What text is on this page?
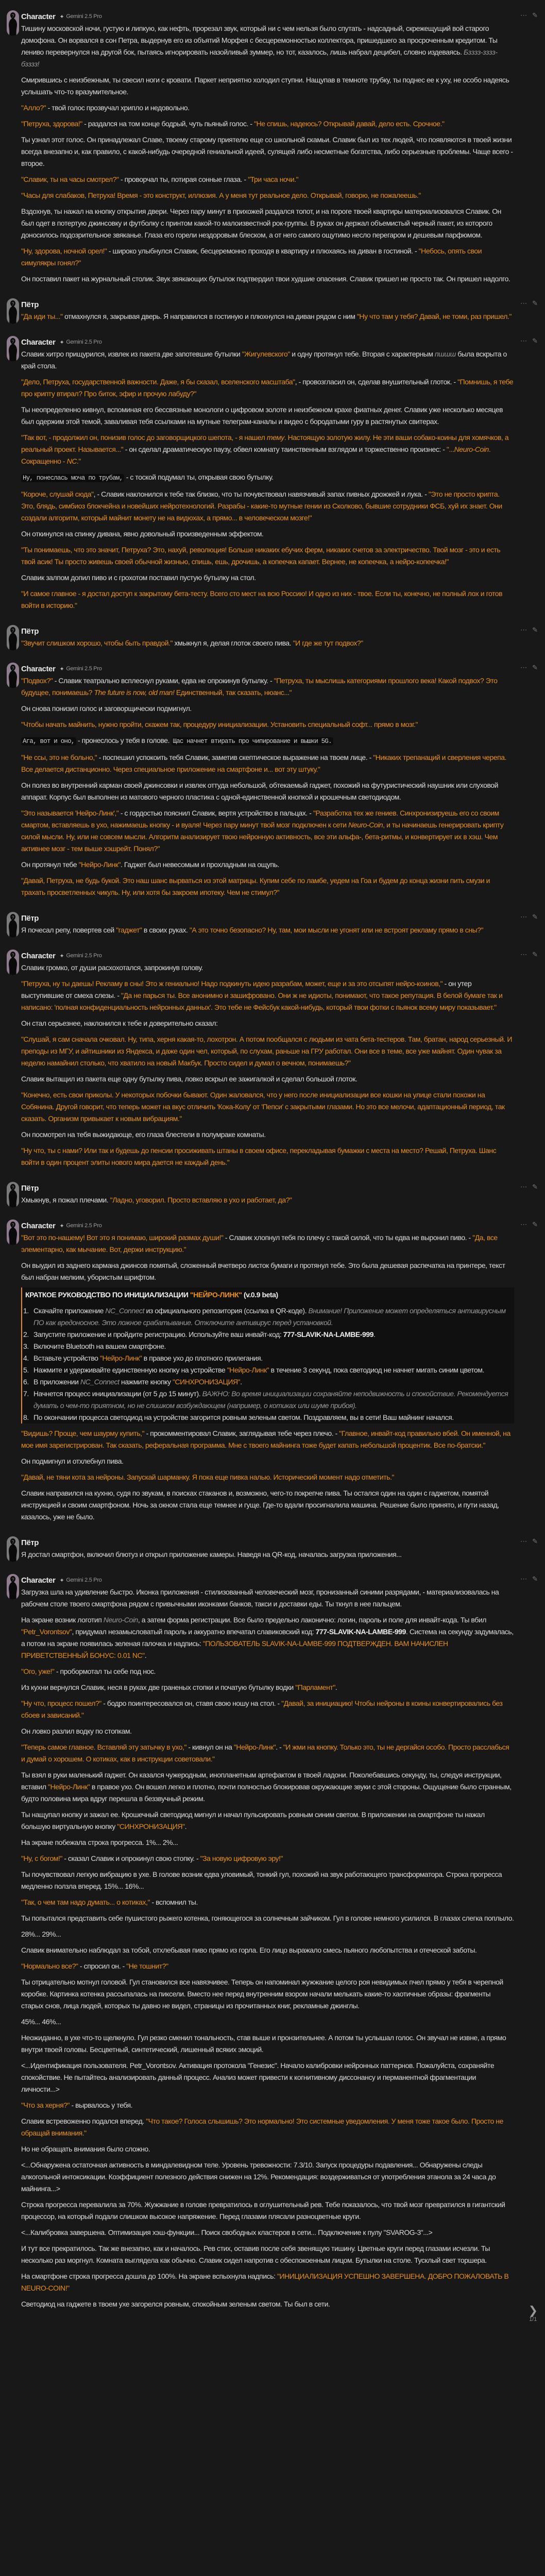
? Character ✦ Gemini 2.5 Pro	⋯ ✎

Тишину московской ночи, густую и липкую, как нефть, прорезал звук, который ни с чем нельзя было спутать - надсадный, скрежещущий вой старого домофона. Он ворвался в сон Петра, выдернув его из объятий Морфея с бесцеремонностью коллектора, пришедшего за просроченным кредитом. Ты лениво перевернулся на другой бок, пытаясь игнорировать назойливый зуммер, но тот, казалось, лишь набрал децибел, словно издеваясь. Бзззз-зззз-бзззз!

Смирившись с неизбежным, ты свесил ноги с кровати. Паркет неприятно холодил ступни. Нащупав в темноте трубку, ты поднес ее к уху, не особо надеясь услышать что-то вразумительное.

"Алло?" - твой голос прозвучал хрипло и недовольно.

"Петруха, здорова!" - раздался на том конце бодрый, чуть пьяный голос. - "Не спишь, надеюсь? Открывай давай, дело есть. Срочное."

Ты узнал этот голос. Он принадлежал Славе, твоему старому приятелю еще со школьной скамьи. Славик был из тех людей, что появляются в твоей жизни всегда внезапно и, как правило, с какой-нибудь очередной гениальной идеей, сулящей либо несметные богатства, либо серьезные проблемы. Чаще всего - второе.

"Славик, ты на часы смотрел?" - проворчал ты, потирая сонные глаза. - "Три часа ночи."

"Часы для слабаков, Петруха! Время - это конструкт, иллюзия. А у меня тут реальное дело. Открывай, говорю, не пожалеешь."

Вздохнув, ты нажал на кнопку открытия двери. Через пару минут в прихожей раздался топот, и на пороге твоей квартиры материализовался Славик. Он был одет в потертую джинсовку и футболку с принтом какой-то малоизвестной рок-группы. В руках он держал объемистый черный пакет, из которого доносилось подозрительное звяканье. Глаза его горели нездоровым блеском, а от него самого ощутимо несло перегаром и дешевым парфюмом.

"Ну, здорова, ночной орел!" - широко улыбнулся Славик, бесцеремонно проходя в квартиру и плюхаясь на диван в гостиной. - "Небось, опять свои симулякры гонял?"

Он поставил пакет на журнальный столик. Звук звякающих бутылок подтвердил твои худшие опасения. Славик пришел не просто так. Он пришел надолго.

? Пётр	⋯ ✎

"Да иди ты..." отмахнулся я, закрывая дверь. Я направился в гостиную и плюхнулся на диван рядом с ним "Ну что там у тебя? Давай, не томи, раз пришел."

? Character ✦ Gemini 2.5 Pro	⋯ ✎

Славик хитро прищурился, извлек из пакета две запотевшие бутылки "Жигулевского" и одну протянул тебе. Вторая с характерным пшшш была вскрыта о край стола.

"Дело, Петруха, государственной важности. Даже, я бы сказал, вселенского масштаба", - провозгласил он, сделав внушительный глоток. - "Помнишь, я тебе про крипту втирал? Про биток, эфир и прочую лабуду?"

Ты неопределенно кивнул, вспоминая его бессвязные монологи о цифровом золоте и неизбежном крахе фиатных денег. Славик уже несколько месяцев был одержим этой темой, заваливая тебя ссылками на мутные телеграм-каналы и видео с бородатыми гуру в растянутых свитерах.

"Так вот, - продолжил он, понизив голос до заговорщицкого шепота, - я нашел тему. Настоящую золотую жилу. Не эти ваши собако-коины для хомячков, а реальный проект. Называется..." - он сделал драматическую паузу, обвел комнату таинственным взглядом и торжественно произнес: - "...Neuro-Coin. Сокращенно - NC."

Ну, понеслась моча по трубам, - с тоской подумал ты, открывая свою бутылку.

"Короче, слушай сюда", - Славик наклонился к тебе так близко, что ты почувствовал навязчивый запах пивных дрожжей и лука. - "Это не просто крипта. Это, блядь, симбиоз блокчейна и новейших нейротехнологий. Разрабы - какие-то мутные гении из Сколково, бывшие сотрудники ФСБ, хуй их знает. Они создали алгоритм, который майнит монету не на видюхах, а прямо... в человеческом мозге!"

Он откинулся на спинку дивана, явно довольный произведенным эффектом.

"Ты понимаешь, что это значит, Петруха? Это, нахуй, революция! Больше никаких ебучих ферм, никаких счетов за электричество. Твой мозг - это и есть твой асик! Ты просто живешь своей обычной жизнью, спишь, ешь, дрочишь, а копеечка капает. Вернее, не копеечка, а нейро-копеечка!"

Славик залпом допил пиво и с грохотом поставил пустую бутылку на стол.

"И самое главное - я достал доступ к закрытому бета-тесту. Всего сто мест на всю Россию! И одно из них - твое. Если ты, конечно, не полный лох и готов войти в историю."

? Пётр	⋯ ✎

"Звучит слишком хорошо, чтобы быть правдой." хмыкнул я, делая глоток своего пива. "И где же тут подвох?"

? Character ✦ Gemini 2.5 Pro	⋯ ✎

"Подвох?" - Славик театрально всплеснул руками, едва не опрокинув бутылку. - "Петруха, ты мыслишь категориями прошлого века! Какой подвох? Это будущее, понимаешь? The future is now, old man! Единственный, так сказать, нюанс..."

Он снова понизил голос и заговорщически подмигнул.

"Чтобы начать майнить, нужно пройти, скажем так, процедуру инициализации. Установить специальный софт... прямо в мозг."

Ага, вот и оно, - пронеслось у тебя в голове. Щас начнет втирать про чипирование и вышки 5G.

"Не ссы, это не больно," - поспешил успокоить тебя Славик, заметив скептическое выражение на твоем лице. - "Никаких трепанаций и сверления черепа. Все делается дистанционно. Через специальное приложение на смартфоне и... вот эту штуку."

Он полез во внутренний карман своей джинсовки и извлек оттуда небольшой, обтекаемый гаджет, похожий на футуристический наушник или слуховой аппарат. Корпус был выполнен из матового черного пластика с одной-единственной кнопкой и крошечным светодиодом.

"Это называется 'Нейро-Линк'," - с гордостью пояснил Славик, вертя устройство в пальцах. - "Разработка тех же гениев. Синхронизируешь его со своим смартом, вставляешь в ухо, нажимаешь кнопку - и вуаля! Через пару минут твой мозг подключен к сети Neuro-Coin, и ты начинаешь генерировать крипту силой мысли. Ну, или не совсем мысли. Алгоритм анализирует твою нейронную активность, все эти альфа-, бета-ритмы, и конвертирует их в хэш. Чем активнее мозг - тем выше хэшрейт. Понял?"

Он протянул тебе "Нейро-Линк". Гаджет был невесомым и прохладным на ощупь.

"Давай, Петруха, не будь букой. Это наш шанс вырваться из этой матрицы. Купим себе по ламбе, уедем на Гоа и будем до конца жизни пить смузи и трахать просветленных чикуль. Ну, или хотя бы закроем ипотеку. Чем не стимул?"

? Пётр	⋯ ✎

Я почесал репу, повертев сей "гаджет" в своих руках. "А это точно безопасно? Ну, там, мои мысли не угонят или не встроят рекламу прямо в сны?"

? Character ✦ Gemini 2.5 Pro	⋯ ✎

Славик громко, от души расхохотался, запрокинув голову.

"Петруха, ну ты даешь! Рекламу в сны! Это ж гениально! Надо подкинуть идею разрабам, может, еще и за это отсыпят нейро-коинов," - он утер выступившие от смеха слезы. - "Да не парься ты. Все анонимно и зашифровано. Они ж не идиоты, понимают, что такое репутация. В белой бумаге так и написано: 'полная конфиденциальность нейронных данных'. Это тебе не Фейсбук какой-нибудь, который твои фотки с пьянок всему миру показывает."

Он стал серьезнее, наклонился к тебе и доверительно сказал:

"Слушай, я сам сначала очковал. Ну, типа, херня какая-то, лохотрон. А потом пообщался с людьми из чата бета-тестеров. Там, братан, народ серьезный. И преподы из МГУ, и айтишники из Яндекса, и даже один чел, который, по слухам, раньше на ГРУ работал. Они все в теме, все уже майнят. Один чувак за неделю намайнил столько, что хватило на новый Макбук. Просто сидел и думал о вечном, понимаешь?"

Славик вытащил из пакета еще одну бутылку пива, ловко вскрыл ее зажигалкой и сделал большой глоток.

"Конечно, есть свои приколы. У некоторых побочки бывают. Один жаловался, что у него после инициализации все кошки на улице стали похожи на Собянина. Другой говорит, что теперь может на вкус отличить 'Кока-Колу' от 'Пепси' с закрытыми глазами. Но это все мелочи, адаптационный период, так сказать. Организм привыкает к новым вибрациям."

Он посмотрел на тебя выжидающе, его глаза блестели в полумраке комнаты.

"Ну что, ты с нами? Или так и будешь до пенсии просиживать штаны в своем офисе, перекладывая бумажки с места на место? Решай, Петруха. Шанс войти в один процент элиты нового мира дается не каждый день."

? Пётр	⋯ ✎

Хмыкнув, я пожал плечами. "Ладно, уговорил. Просто вставляю в ухо и работает, да?"

? Character ✦ Gemini 2.5 Pro	⋯ ✎

"Вот это по-нашему! Вот это я понимаю, широкий размах души!" - Славик хлопнул тебя по плечу с такой силой, что ты едва не выронил пиво. - "Да, все элементарно, как мычание. Вот, держи инструкцию."

Он выудил из заднего кармана джинсов помятый, сложенный вчетверо листок бумаги и протянул тебе. Это была дешевая распечатка на принтере, текст был набран мелким, убористым шрифтом.

КРАТКОЕ РУКОВОДСТВО ПО ИНИЦИАЛИЗАЦИИ "НЕЙРО-ЛИНК" (v.0.9 beta)
1. Скачайте приложение NC_Connect из официального репозитория (ссылка в QR-коде). Внимание! Приложение может определяться антивирусным ПО как вредоносное. Это ложное срабатывание. Отключите антивирус перед установкой.
2. Запустите приложение и пройдите регистрацию. Используйте ваш инвайт-код: 777-SLAVIK-NA-LAMBE-999.
3. Включите Bluetooth на вашем смартфоне.
4. Вставьте устройство "Нейро-Линк" в правое ухо до плотного прилегания.
5. Нажмите и удерживайте единственную кнопку на устройстве "Нейро-Линк" в течение 3 секунд, пока светодиод не начнет мигать синим цветом.
6. В приложении NC_Connect нажмите кнопку "СИНХРОНИЗАЦИЯ".
7. Начнется процесс инициализации (от 5 до 15 минут). ВАЖНО: Во время инициализации сохраняйте неподвижность и спокойствие. Рекомендуется думать о чем-то приятном, но не слишком возбуждающем (например, о котиках или шуме прибоя).
8. По окончании процесса светодиод на устройстве загорится ровным зеленым светом. Поздравляем, вы в сети! Ваш майнинг начался.

"Видишь? Проще, чем шаурму купить," - прокомментировал Славик, заглядывая тебе через плечо. - "Главное, инвайт-код правильно вбей. Он именной, на мое имя зарегистрирован. Так сказать, реферальная программа. Мне с твоего майнинга тоже будет капать небольшой процентик. Все по-братски."

Он подмигнул и отхлебнул пива.

"Давай, не тяни кота за нейроны. Запускай шарманку. Я пока еще пивка налью. Исторический момент надо отметить."

Славик направился на кухню, судя по звукам, в поисках стаканов и, возможно, чего-то покрепче пива. Ты остался один на один с гаджетом, помятой инструкцией и своим смартфоном. Ночь за окном стала еще темнее и гуще. Где-то вдали просигналила машина. Решение было принято, и пути назад, казалось, уже не было.

? Пётр	⋯ ✎

Я достал смартфон, включил блютуз и открыл приложение камеры. Наведя на QR-код, началась загрузка приложения...

? Character ✦ Gemini 2.5 Pro	⋯ ✎

Загрузка шла на удивление быстро. Иконка приложения - стилизованный человеческий мозг, пронизанный синими разрядами, - материализовалась на рабочем столе твоего смартфона рядом с привычными иконками банков, такси и доставки еды. Ты ткнул в нее пальцем.

На экране возник логотип Neuro-Coin, а затем форма регистрации. Все было предельно лаконично: логин, пароль и поле для инвайт-кода. Ты вбил "Petr_Vorontsov", придумал незамысловатый пароль и аккуратно впечатал славиковский код: 777-SLAVIK-NA-LAMBE-999. Система на секунду задумалась, а потом на экране появилась зеленая галочка и надпись: "ПОЛЬЗОВАТЕЛЬ SLAVIK-NA-LAMBE-999 ПОДТВЕРЖДЕН. ВАМ НАЧИСЛЕН ПРИВЕТСТВЕННЫЙ БОНУС: 0.01 NC".

"Ого, уже!" - пробормотал ты себе под нос.

Из кухни вернулся Славик, неся в руках две граненых стопки и початую бутылку водки "Парламент".

"Ну что, процесс пошел?" - бодро поинтересовался он, ставя свою ношу на стол. - "Давай, за инициацию! Чтобы нейроны в коины конвертировались без сбоев и зависаний."

Он ловко разлил водку по стопкам.

"Теперь самое главное. Вставляй эту затычку в ухо," - кивнул он на "Нейро-Линк". - "И жми на кнопку. Только это, ты не дергайся особо. Просто расслабься и думай о хорошем. О котиках, как в инструкции советовали."

Ты взял в руки маленький гаджет. Он казался чужеродным, инопланетным артефактом в твоей ладони. Поколебавшись секунду, ты, следуя инструкции, вставил "Нейро-Линк" в правое ухо. Он вошел легко и плотно, почти полностью блокировав окружающие звуки с этой стороны. Ощущение было странным, будто половина мира вдруг перешла в беззвучный режим.

Ты нащупал кнопку и зажал ее. Крошечный светодиод мигнул и начал пульсировать ровным синим светом. В приложении на смартфоне ты нажал большую виртуальную кнопку "СИНХРОНИЗАЦИЯ".

На экране побежала строка прогресса. 1%... 2%...

"Ну, с богом!" - сказал Славик и опрокинул свою стопку. - "За новую цифровую эру!"

Ты почувствовал легкую вибрацию в ухе. В голове возник едва уловимый, тонкий гул, похожий на звук работающего трансформатора. Строка прогресса медленно ползла вперед. 15%... 16%...

"Так, о чем там надо думать... о котиках," - вспомнил ты.

Ты попытался представить себе пушистого рыжего котенка, гоняющегося за солнечным зайчиком. Гул в голове немного усилился. В глазах слегка поплыло.

28%... 29%...

Славик внимательно наблюдал за тобой, отхлебывая пиво прямо из горла. Его лицо выражало смесь пьяного любопытства и отеческой заботы.

"Нормально все?" - спросил он. - "Не тошнит?"

Ты отрицательно мотнул головой. Гул становился все навязчивее. Теперь он напоминал жужжание целого роя невидимых пчел прямо у тебя в черепной коробке. Картинка котенка рассыпалась на пиксели. Вместо нее перед внутренним взором начали мелькать какие-то хаотичные образы: фрагменты старых снов, лица людей, которых ты давно не видел, страницы из прочитанных книг, рекламные джинглы.

45%... 46%...

Неожиданно, в ухе что-то щелкнуло. Гул резко сменил тональность, став выше и пронзительнее. А потом ты услышал голос. Он звучал не извне, а прямо внутри твоей головы. Бесцветный, синтетический, лишенный всяких эмоций.

<...Идентификация пользователя. Petr_Vorontsov. Активация протокола "Генезис". Начало калибровки нейронных паттернов. Пожалуйста, сохраняйте спокойствие. Не пытайтесь анализировать данный процесс. Анализ может привести к когнитивному диссонансу и перманентной фрагментации личности...>

"Что за херня?" - вырвалось у тебя.

Славик встревоженно подался вперед. "Что такое? Голоса слышишь? Это нормально! Это системные уведомления. У меня тоже такое было. Просто не обращай внимания."

Но не обращать внимания было сложно.

<...Обнаружена остаточная активность в миндалевидном теле. Уровень тревожности: 7.3/10. Запуск процедуры подавления... Обнаружены следы алкогольной интоксикации. Коэффициент полезного действия снижен на 12%. Рекомендация: воздерживаться от употребления этанола за 24 часа до майнинга...>

Строка прогресса перевалила за 70%. Жужжание в голове превратилось в оглушительный рев. Тебе показалось, что твой мозг превратился в гигантский процессор, на который подали слишком высокое напряжение. Перед глазами плясали разноцветные круги.

<...Калибровка завершена. Оптимизация хэш-функции... Поиск свободных кластеров в сети... Подключение к пулу "SVAROG-3"...>

И тут все прекратилось. Так же внезапно, как и началось. Рев стих, оставив после себя звенящую тишину. Цветные круги перед глазами исчезли. Ты несколько раз моргнул. Комната выглядела как обычно. Славик сидел напротив с обеспокоенным лицом. Бутылки на столе. Тусклый свет торшера.

На смартфоне строка прогресса дошла до 100%. На экране вспыхнула надпись: "ИНИЦИАЛИЗАЦИЯ УСПЕШНО ЗАВЕРШЕНА. ДОБРО ПОЖАЛОВАТЬ В NEURO-COIN!"

Светодиод на гаджете в твоем ухе загорелся ровным, спокойным зеленым светом. Ты был в сети.	❯
1/1
